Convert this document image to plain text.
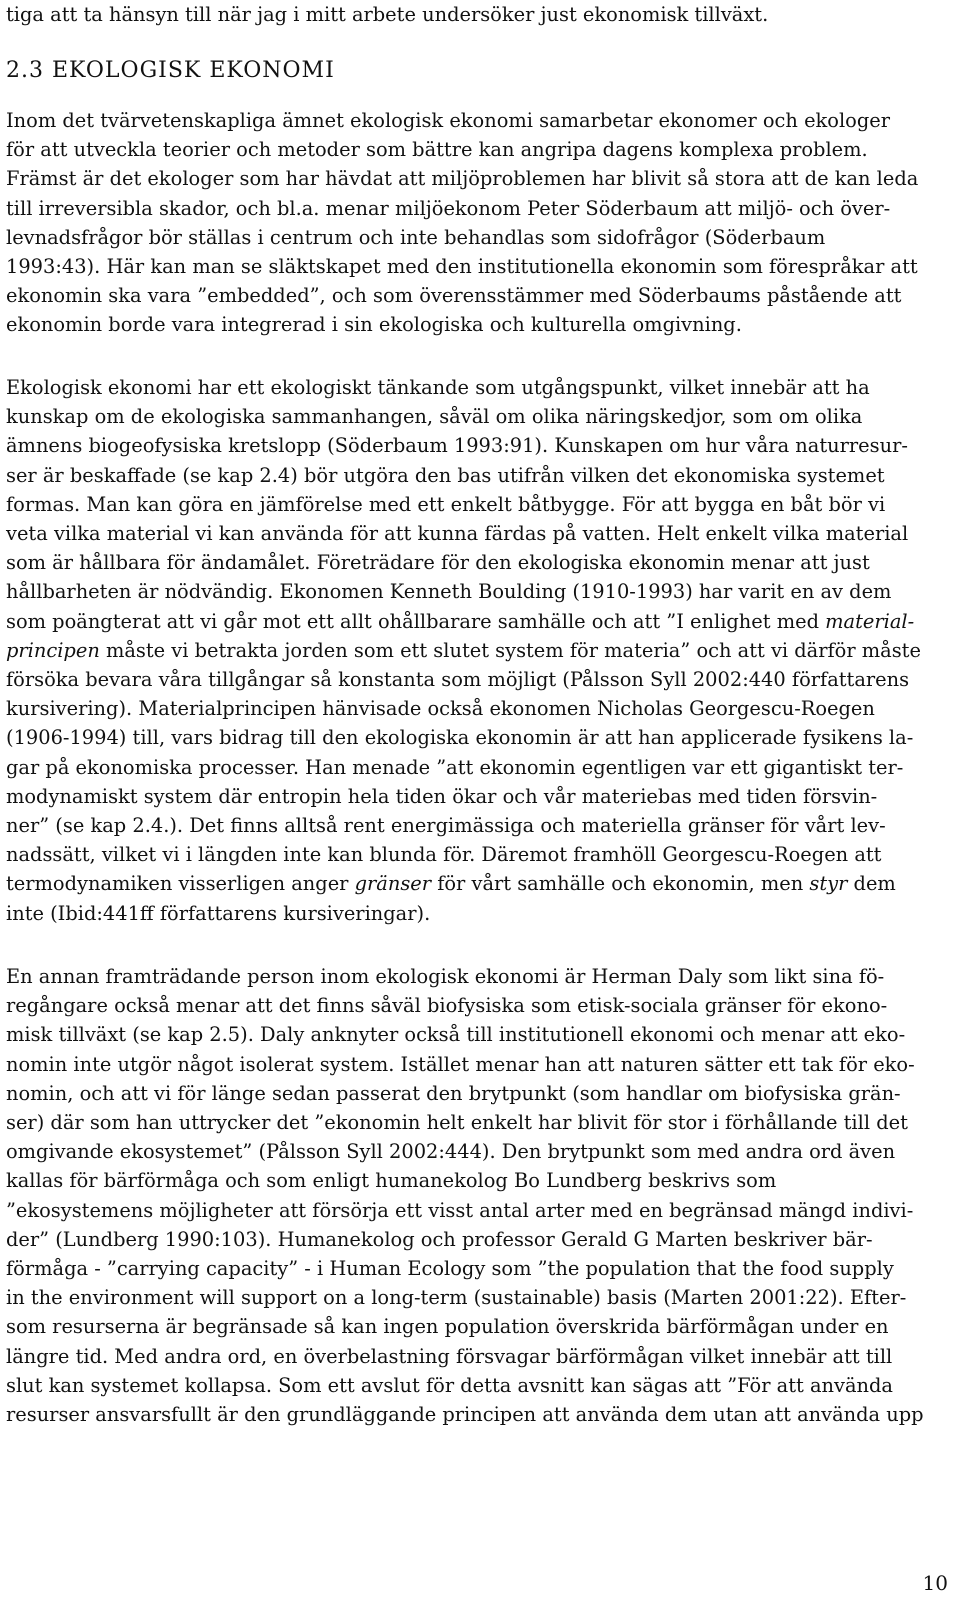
tiga att ta hänsyn till när jag i mitt arbete undersöker just ekonomisk tillväxt.
2.3 EKOLOGISK EKONOMI
Inom det tvärvetenskapliga ämnet ekologisk ekonomi samarbetar ekonomer och ekologer
för att utveckla teorier och metoder som bättre kan angripa dagens komplexa problem.
Främst är det ekologer som har hävdat att miljöproblemen har blivit så stora att de kan leda
till irreversibla skador, och bl.a. menar miljöekonom Peter Söderbaum att miljö- och över-
levnadsfrågor bör ställas i centrum och inte behandlas som sidofrågor (Söderbaum
1993:43). Här kan man se släktskapet med den institutionella ekonomin som förespråkar att
ekonomin ska vara ”embedded”, och som överensstämmer med Söderbaums påstående att
ekonomin borde vara integrerad i sin ekologiska och kulturella omgivning.
Ekologisk ekonomi har ett ekologiskt tänkande som utgångspunkt, vilket innebär att ha
kunskap om de ekologiska sammanhangen, såväl om olika näringskedjor, som om olika
ämnens biogeofysiska kretslopp (Söderbaum 1993:91). Kunskapen om hur våra naturresur-
ser är beskaffade (se kap 2.4) bör utgöra den bas utifrån vilken det ekonomiska systemet
formas. Man kan göra en jämförelse med ett enkelt båtbygge. För att bygga en båt bör vi
veta vilka material vi kan använda för att kunna färdas på vatten. Helt enkelt vilka material
som är hållbara för ändamålet. Företrädare för den ekologiska ekonomin menar att just
hållbarheten är nödvändig. Ekonomen Kenneth Boulding (1910-1993) har varit en av dem
som poängterat att vi går mot ett allt ohållbarare samhälle och att ”I enlighet med material-
principen måste vi betrakta jorden som ett slutet system för materia” och att vi därför måste
försöka bevara våra tillgångar så konstanta som möjligt (Pålsson Syll 2002:440 författarens
kursivering). Materialprincipen hänvisade också ekonomen Nicholas Georgescu-Roegen
(1906-1994) till, vars bidrag till den ekologiska ekonomin är att han applicerade fysikens la-
gar på ekonomiska processer. Han menade ”att ekonomin egentligen var ett gigantiskt ter-
modynamiskt system där entropin hela tiden ökar och vår materiebas med tiden försvin-
ner” (se kap 2.4.). Det finns alltså rent energimässiga och materiella gränser för vårt lev-
nadssätt, vilket vi i längden inte kan blunda för. Däremot framhöll Georgescu-Roegen att
termodynamiken visserligen anger gränser för vårt samhälle och ekonomin, men styr dem
inte (Ibid:441ff författarens kursiveringar).
En annan framträdande person inom ekologisk ekonomi är Herman Daly som likt sina fö-
regångare också menar att det finns såväl biofysiska som etisk-sociala gränser för ekono-
misk tillväxt (se kap 2.5). Daly anknyter också till institutionell ekonomi och menar att eko-
nomin inte utgör något isolerat system. Istället menar han att naturen sätter ett tak för eko-
nomin, och att vi för länge sedan passerat den brytpunkt (som handlar om biofysiska grän-
ser) där som han uttrycker det ”ekonomin helt enkelt har blivit för stor i förhållande till det
omgivande ekosystemet” (Pålsson Syll 2002:444). Den brytpunkt som med andra ord även
kallas för bärförmåga och som enligt humanekolog Bo Lundberg beskrivs som
”ekosystemens möjligheter att försörja ett visst antal arter med en begränsad mängd indivi-
der” (Lundberg 1990:103). Humanekolog och professor Gerald G Marten beskriver bär-
förmåga - ”carrying capacity” - i Human Ecology som ”the population that the food supply
in the environment will support on a long-term (sustainable) basis (Marten 2001:22). Efter-
som resurserna är begränsade så kan ingen population överskrida bärförmågan under en
längre tid. Med andra ord, en överbelastning försvagar bärförmågan vilket innebär att till
slut kan systemet kollapsa. Som ett avslut för detta avsnitt kan sägas att ”För att använda
resurser ansvarsfullt är den grundläggande principen att använda dem utan att använda upp
10
